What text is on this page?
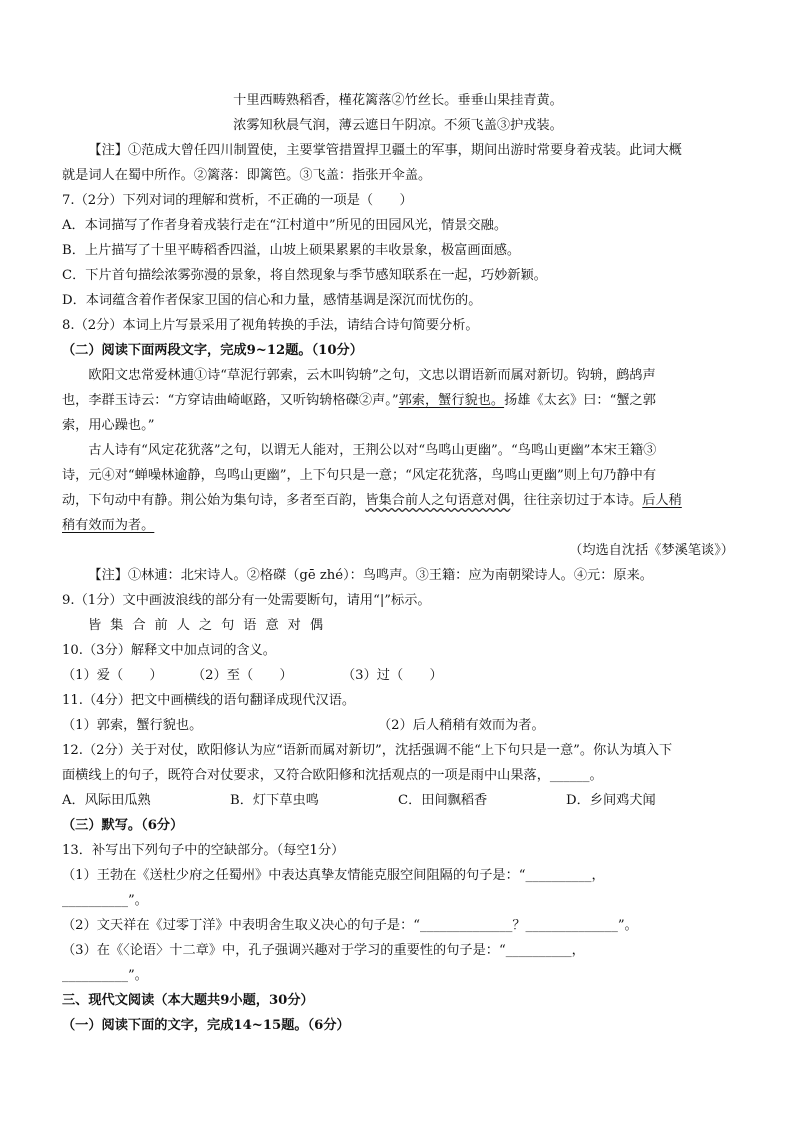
十里西畴熟稻香，槿花篱落②竹丝长。垂垂山果挂青黄。
浓雾知秋晨气润，薄云遮日午阴凉。不须飞盖③护戎装。
【注】①范成大曾任四川制置使，主要掌管措置捍卫疆土的军事，期间出游时常要身着戎装。此词大概
就是词人在蜀中所作。②篱落：即篱笆。③飞盖：指张开伞盖。
7.（2分）下列对词的理解和赏析，不正确的一项是（　　）
A．本词描写了作者身着戎装行走在“江村道中”所见的田园风光，情景交融。
B．上片描写了十里平畴稻香四溢，山坡上硕果累累的丰收景象，极富画面感。
C．下片首句描绘浓雾弥漫的景象，将自然现象与季节感知联系在一起，巧妙新颖。
D．本词蕴含着作者保家卫国的信心和力量，感情基调是深沉而忧伤的。
8.（2分）本词上片写景采用了视角转换的手法，请结合诗句简要分析。
（二）阅读下面两段文字，完成9~12题。（10分）
欧阳文忠常爱林逋①诗“草泥行郭索，云木叫钩辀”之句，文忠以谓语新而属对新切。钩辀，鹧鸪声
也，李群玉诗云：“方穿诘曲崎岖路，又听钩辀格磔②声。”郭索，蟹行貌也。扬雄《太玄》曰：“蟹之郭
索，用心躁也。”
古人诗有“风定花犹落”之句，以谓无人能对，王荆公以对“鸟鸣山更幽”。“鸟鸣山更幽”本宋王籍③
诗，元④对“蝉噪林逾静，鸟鸣山更幽”，上下句只是一意；“风定花犹落，鸟鸣山更幽”则上句乃静中有
动，下句动中有静。荆公始为集句诗，多者至百韵，皆集合前人之句语意对偶，往往亲切过于本诗。后人稍
稍有效而为者。
（均选自沈括《梦溪笔谈》）
【注】①林逋：北宋诗人。②格磔（gē zhé）：鸟鸣声。③王籍：应为南朝梁诗人。④元：原来。
9.（1分）文中画波浪线的部分有一处需要断句，请用“|”标示。
皆集合前人之句语意对偶
10.（3分）解释文中加点词的含义。
（1）爱（　　）	（2）至（　　）	（3）过（　　）
11.（4分）把文中画横线的语句翻译成现代汉语。
（1）郭索，蟹行貌也。	（2）后人稍稍有效而为者。
12.（2分）关于对仗，欧阳修认为应“语新而属对新切”，沈括强调不能“上下句只是一意”。你认为填入下
面横线上的句子，既符合对仗要求，又符合欧阳修和沈括观点的一项是雨中山果落，______。
A．风际田瓜熟	B．灯下草虫鸣	C．田间飘稻香	D．乡间鸡犬闻
（三）默写。（6分）
13．补写出下列句子中的空缺部分。（每空1分）
（1）王勃在《送杜少府之任蜀州》中表达真挚友情能克服空间阻隔的句子是：“__________，
__________”。
（2）文天祥在《过零丁洋》中表明舍生取义决心的句子是：“______________？______________”。
（3）在《〈论语〉十二章》中，孔子强调兴趣对于学习的重要性的句子是：“__________，
__________”。
三、现代文阅读（本大题共9小题，30分）
（一）阅读下面的文字，完成14~15题。（6分）
